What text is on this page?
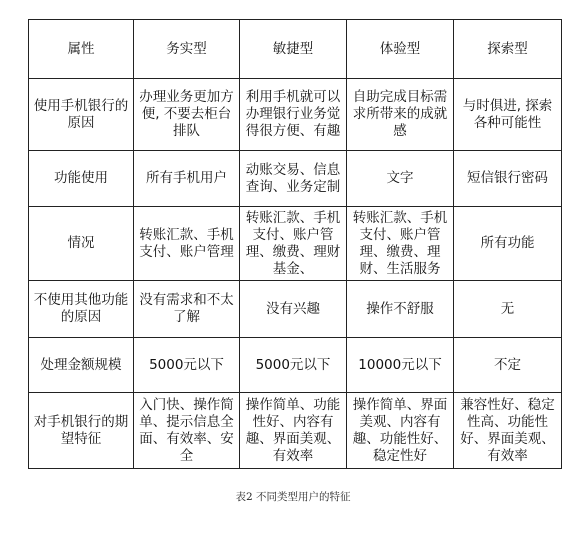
属性	务实型	敏捷型	体验型	探索型
使用手机银行的原因	办理业务更加方便, 不要去柜台排队	利用手机就可以办理银行业务觉得很方便、有趣	自助完成目标需求所带来的成就感	与时俱进, 探索各种可能性
功能使用	所有手机用户	动账交易、信息查询、业务定制	文字	短信银行密码
情况	转账汇款、手机支付、账户管理	转账汇款、手机支付、账户管理、缴费、理财基金、	转账汇款、手机支付、账户管理、缴费、理财、生活服务	所有功能
不使用其他功能的原因	没有需求和不太了解	没有兴趣	操作不舒服	无
处理金额规模	5000元以下	5000元以下	10000元以下	不定
对手机银行的期望特征	入门快、操作简单、提示信息全面、有效率、安全	操作简单、功能性好、内容有趣、界面美观、有效率	操作简单、界面美观、内容有趣、功能性好、稳定性好	兼容性好、稳定性高、功能性好、界面美观、有效率
表2 不同类型用户的特征
